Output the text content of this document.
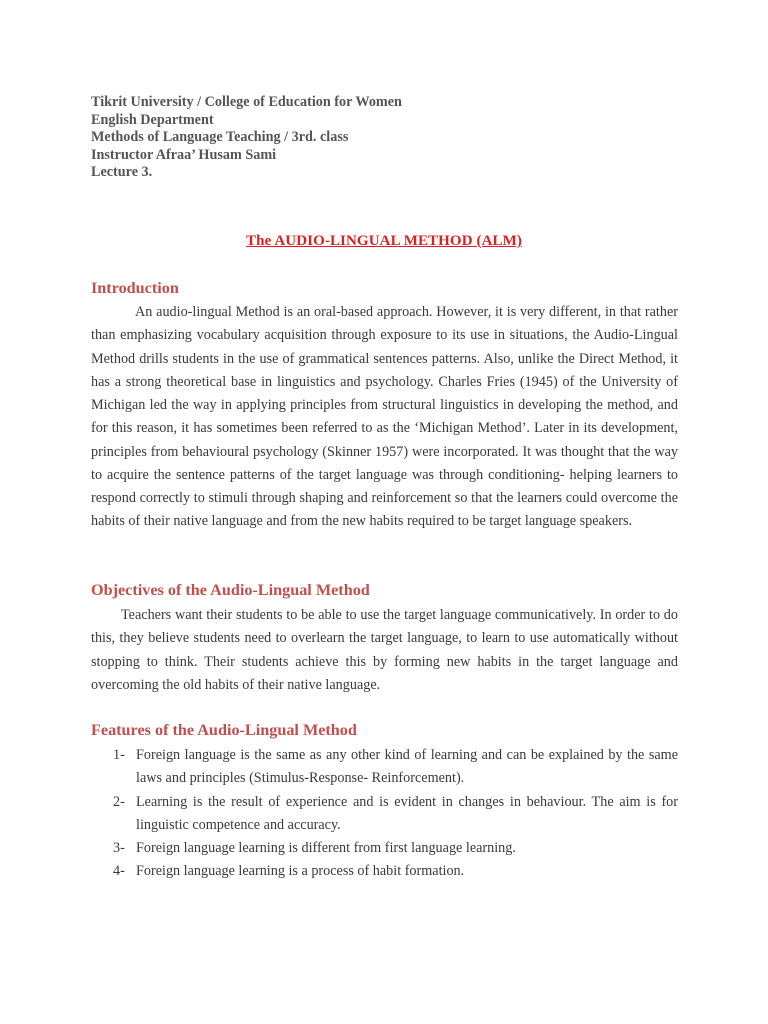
Tikrit University / College of Education for Women
English Department
Methods of Language Teaching / 3rd. class
Instructor Afraa’ Husam Sami
Lecture 3.
The AUDIO-LINGUAL METHOD (ALM)
Introduction

An audio-lingual Method is an oral-based approach. However, it is very different, in that rather than emphasizing vocabulary acquisition through exposure to its use in situations, the Audio-Lingual Method drills students in the use of grammatical sentences patterns. Also, unlike the Direct Method, it has a strong theoretical base in linguistics and psychology. Charles Fries (1945) of the University of Michigan led the way in applying principles from structural linguistics in developing the method, and for this reason, it has sometimes been referred to as the ‘Michigan Method’. Later in its development, principles from behavioural psychology (Skinner 1957) were incorporated. It was thought that the way to acquire the sentence patterns of the target language was through conditioning- helping learners to respond correctly to stimuli through shaping and reinforcement so that the learners could overcome the habits of their native language and from the new habits required to be target language speakers.

Objectives of the Audio-Lingual Method

Teachers want their students to be able to use the target language communicatively. In order to do this, they believe students need to overlearn the target language, to learn to use automatically without stopping to think. Their students achieve this by forming new habits in the target language and overcoming the old habits of their native language.

Features of the Audio-Lingual Method
1- Foreign language is the same as any other kind of learning and can be explained by the same laws and principles (Stimulus-Response- Reinforcement).
2- Learning is the result of experience and is evident in changes in behaviour. The aim is for linguistic competence and accuracy.
3- Foreign language learning is different from first language learning.
4- Foreign language learning is a process of habit formation.
